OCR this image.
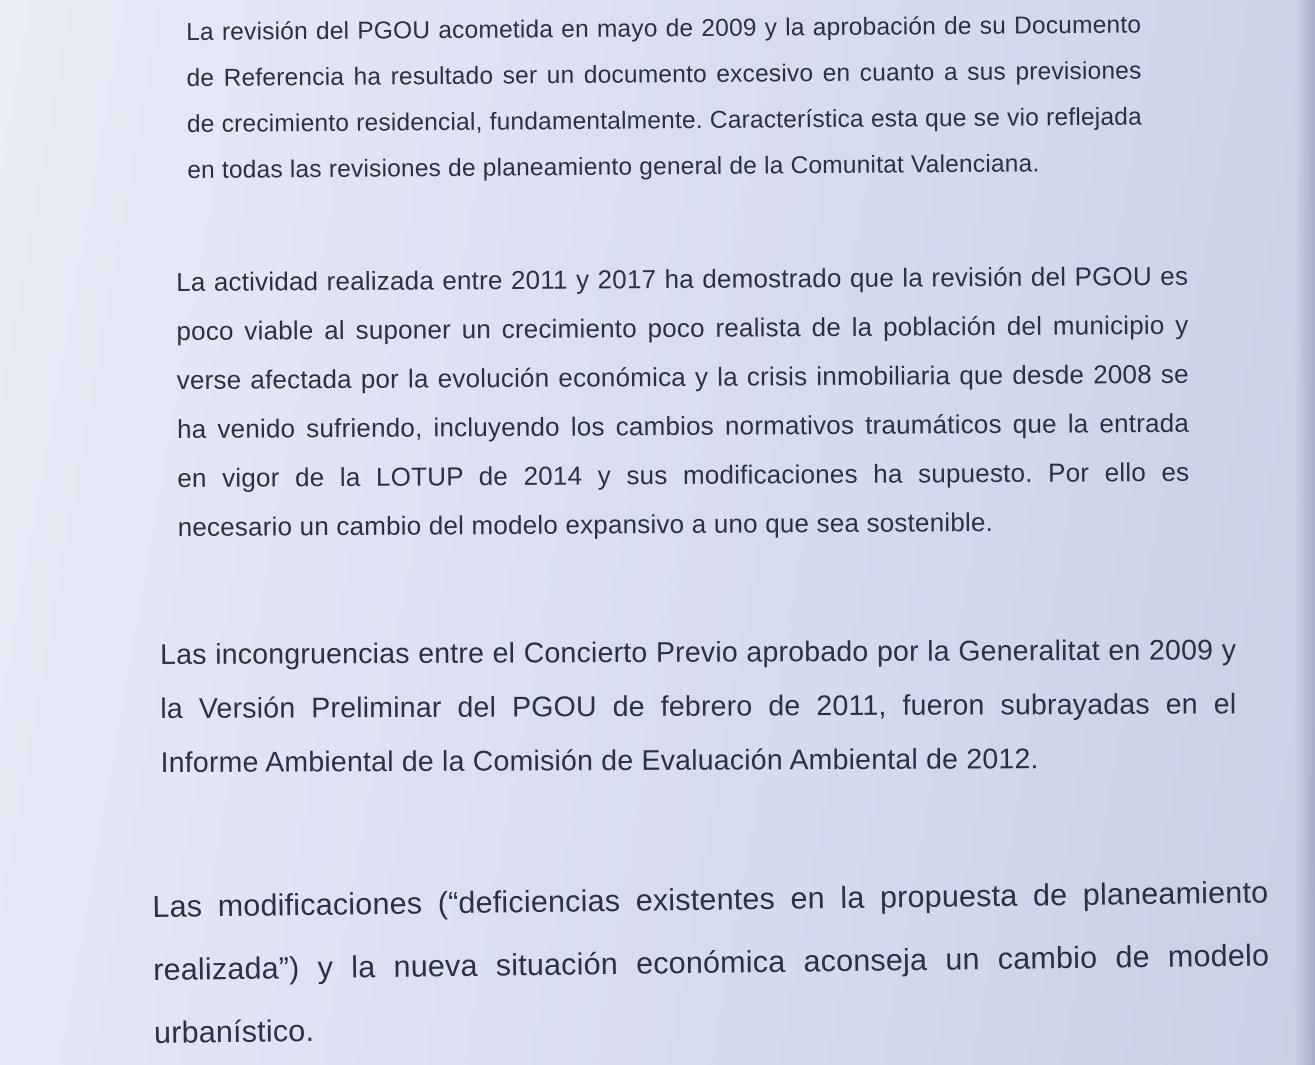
La revisión del PGOU acometida en mayo de 2009 y la aprobación de su Documento de Referencia ha resultado ser un documento excesivo en cuanto a sus previsiones de crecimiento residencial, fundamentalmente. Característica esta que se vio reflejada en todas las revisiones de planeamiento general de la Comunitat Valenciana.

La actividad realizada entre 2011 y 2017 ha demostrado que la revisión del PGOU es poco viable al suponer un crecimiento poco realista de la población del municipio y verse afectada por la evolución económica y la crisis inmobiliaria que desde 2008 se ha venido sufriendo, incluyendo los cambios normativos traumáticos que la entrada en vigor de la LOTUP de 2014 y sus modificaciones ha supuesto. Por ello es necesario un cambio del modelo expansivo a uno que sea sostenible.

Las incongruencias entre el Concierto Previo aprobado por la Generalitat en 2009 y la Versión Preliminar del PGOU de febrero de 2011, fueron subrayadas en el Informe Ambiental de la Comisión de Evaluación Ambiental de 2012.

Las modificaciones (“deficiencias existentes en la propuesta de planeamiento realizada”) y la nueva situación económica aconseja un cambio de modelo urbanístico.
